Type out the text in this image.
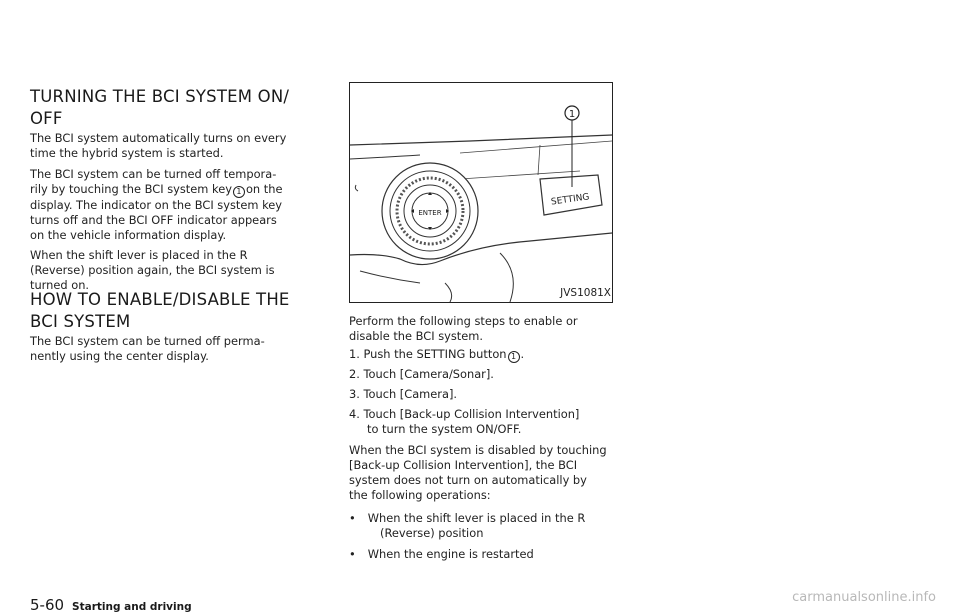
TURNING THE BCI SYSTEM ON/
OFF
The BCI system automatically turns on every
time the hybrid system is started.
The BCI system can be turned off tempora-
rily by touching the BCI system key 1 on the
display. The indicator on the BCI system key
turns off and the BCI OFF indicator appears
on the vehicle information display.
When the shift lever is placed in the R
(Reverse) position again, the BCI system is
turned on.
HOW TO ENABLE/DISABLE THE
BCI SYSTEM
The BCI system can be turned off perma-
nently using the center display.
ENTER
SETTING
1
JVS1081X
Perform the following steps to enable or
disable the BCI system.
1. Push the SETTING button 1 .
2. Touch [Camera/Sonar].
3. Touch [Camera].
4. Touch [Back-up Collision Intervention]
to turn the system ON/OFF.
When the BCI system is disabled by touching
[Back-up Collision Intervention], the BCI
system does not turn on automatically by
the following operations:
• When the shift lever is placed in the R
(Reverse) position
• When the engine is restarted
5-60 Starting and driving
carmanualsonline.info
